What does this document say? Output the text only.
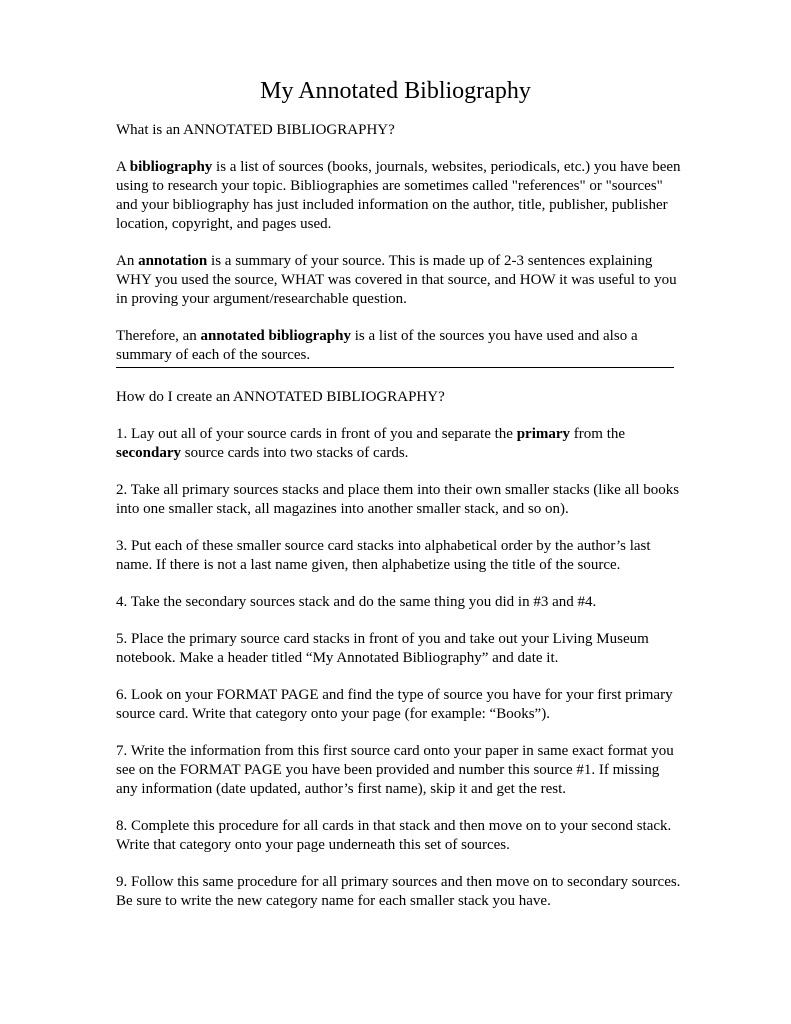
My Annotated Bibliography

What is an ANNOTATED BIBLIOGRAPHY?

A bibliography is a list of sources (books, journals, websites, periodicals, etc.) you have been using to research your topic. Bibliographies are sometimes called "references" or "sources" and your bibliography has just included information on the author, title, publisher, publisher location, copyright, and pages used.

An annotation is a summary of your source. This is made up of 2-3 sentences explaining WHY you used the source, WHAT was covered in that source, and HOW it was useful to you in proving your argument/researchable question.

Therefore, an annotated bibliography is a list of the sources you have used and also a summary of each of the sources.

How do I create an ANNOTATED BIBLIOGRAPHY?

1. Lay out all of your source cards in front of you and separate the primary from the secondary source cards into two stacks of cards.

2. Take all primary sources stacks and place them into their own smaller stacks (like all books into one smaller stack, all magazines into another smaller stack, and so on).

3. Put each of these smaller source card stacks into alphabetical order by the author’s last name. If there is not a last name given, then alphabetize using the title of the source.

4. Take the secondary sources stack and do the same thing you did in #3 and #4.

5. Place the primary source card stacks in front of you and take out your Living Museum notebook. Make a header titled “My Annotated Bibliography” and date it.

6. Look on your FORMAT PAGE and find the type of source you have for your first primary source card. Write that category onto your page (for example: “Books”).

7. Write the information from this first source card onto your paper in same exact format you see on the FORMAT PAGE you have been provided and number this source #1. If missing any information (date updated, author’s first name), skip it and get the rest.

8. Complete this procedure for all cards in that stack and then move on to your second stack. Write that category onto your page underneath this set of sources.

9. Follow this same procedure for all primary sources and then move on to secondary sources. Be sure to write the new category name for each smaller stack you have.
